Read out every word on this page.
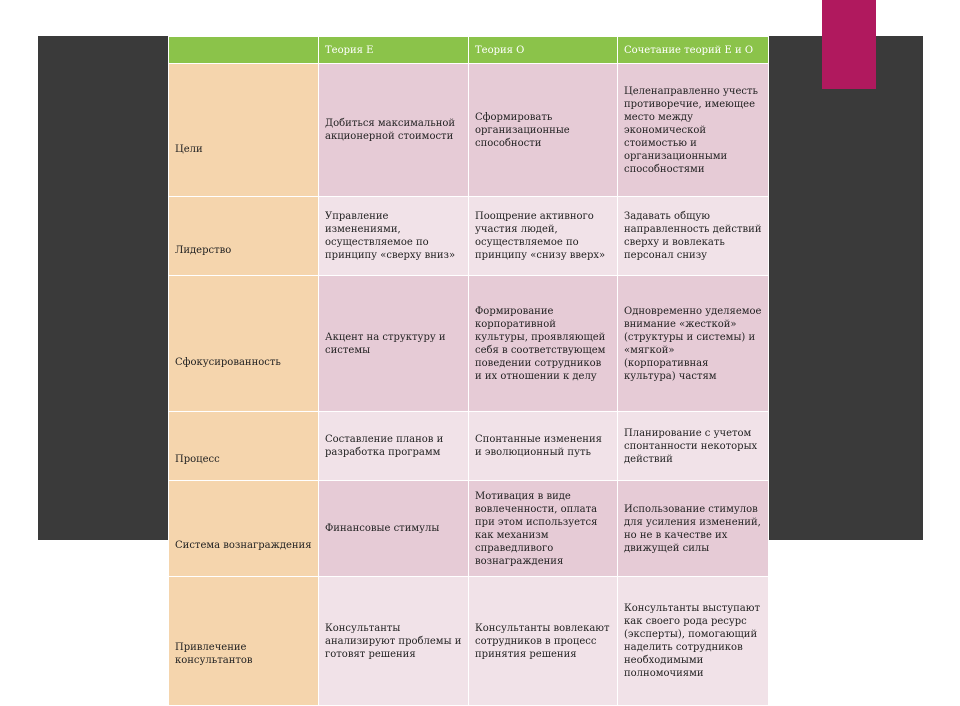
	Теория Е	Теория О	Сочетание теорий Е и О
Цели	Добиться максимальной акционерной стоимости	Сформировать организационные способности	Целенаправленно учесть противоречие, имеющее место между экономической стоимостью и организационными способностями
Лидерство	Управление изменениями, осуществляемое по принципу «сверху вниз»	Поощрение активного участия людей, осуществляемое по принципу «снизу вверх»	Задавать общую направленность действий сверху и вовлекать персонал снизу
Сфокусированность	Акцент на структуру и системы	Формирование корпоративной культуры, проявляющей себя в соответствующем поведении сотрудников и их отношении к делу	Одновременно уделяемое внимание «жесткой» (структуры и системы) и «мягкой» (корпоративная культура) частям
Процесс	Составление планов и разработка программ	Спонтанные изменения и эволюционный путь	Планирование с учетом спонтанности некоторых действий
Система вознаграждения	Финансовые стимулы	Мотивация в виде вовлеченности, оплата при этом используется как механизм справедливого вознаграждения	Использование стимулов для усиления изменений, но не в качестве их движущей силы
Привлечение консультантов	Консультанты анализируют проблемы и готовят решения	Консультанты вовлекают сотрудников в процесс принятия решения	Консультанты выступают как своего рода ресурс (эксперты), помогающий наделить сотрудников необходимыми полномочиями
